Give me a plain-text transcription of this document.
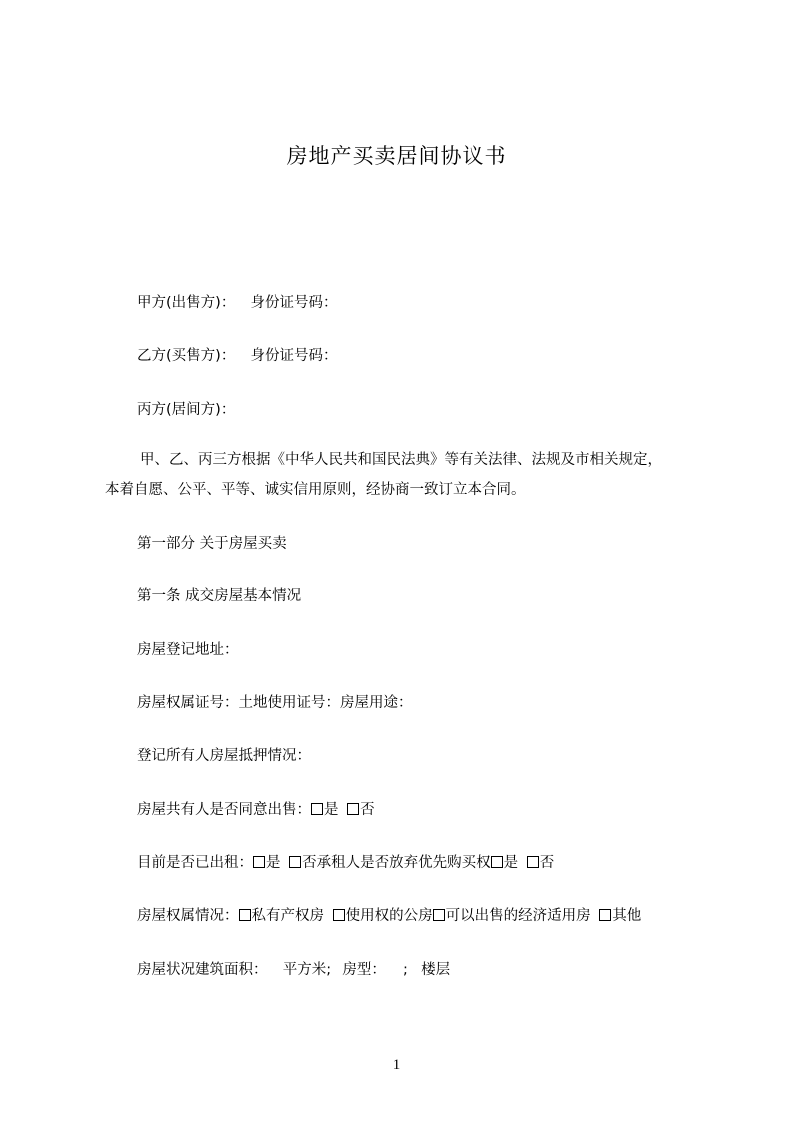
房地产买卖居间协议书
甲方(出售方)： 身份证号码：
乙方(买售方)： 身份证号码：
丙方(居间方)：
甲、乙、丙三方根据《中华人民共和国民法典》等有关法律、法规及市相关规定，
本着自愿、公平、平等、诚实信用原则，经协商一致订立本合同。
第一部分 关于房屋买卖
第一条 成交房屋基本情况
房屋登记地址：
房屋权属证号：土地使用证号：房屋用途：
登记所有人房屋抵押情况：
房屋共有人是否同意出售： 是 否
目前是否已出租： 是 否承租人是否放弃优先购买权 是 否
房屋权属情况： 私有产权房 使用权的公房 可以出售的经济适用房 其他
房屋状况建筑面积： 平方米; 房型： ; 楼层
1
